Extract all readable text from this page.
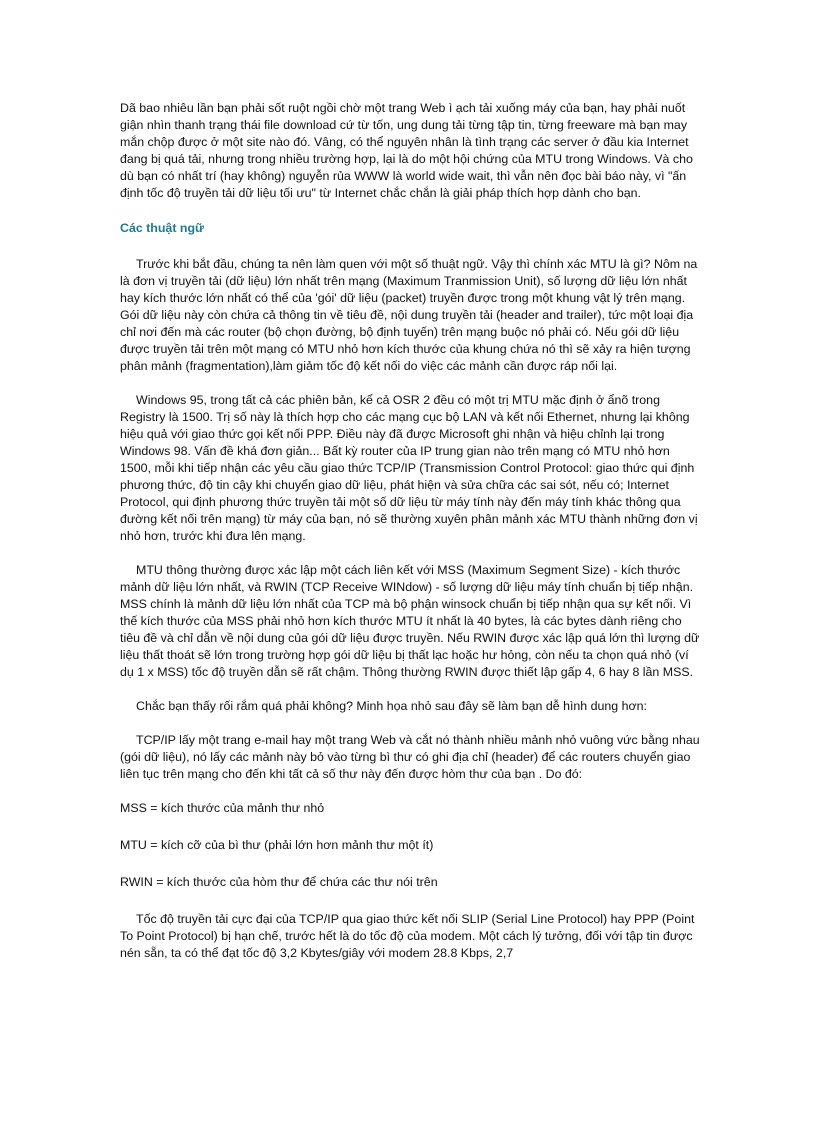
Dã bao nhiêu lần bạn phải sốt ruột ngồi chờ một trang Web ì ạch tải xuống máy của bạn, hay phải nuốt giận nhìn thanh trạng thái file download cứ từ tốn, ung dung tải từng tập tin, từng freeware mà bạn may mắn chộp được ở một site nào đó. Vâng, có thể nguyên nhân là tình trạng các server ở đầu kia Internet đang bị quá tải, nhưng trong nhiều trường hợp, lại là do một hội chứng của MTU trong Windows. Và cho dù bạn có nhất trí (hay không) nguyễn rủa WWW là world wide wait, thì vẫn nên đọc bài báo này, vì "ấn định tốc độ truyền tải dữ liệu tối ưu" từ Internet chắc chắn là giải pháp thích hợp dành cho bạn.

Các thuật ngữ

Trước khi bắt đầu, chúng ta nên làm quen với một số thuật ngữ. Vậy thì chính xác MTU là gì? Nôm na là đơn vị truyền tải (dữ liệu) lớn nhất trên mạng (Maximum Tranmission Unit), số lượng dữ liệu lớn nhất hay kích thước lớn nhất có thể của 'gói' dữ liệu (packet) truyền được trong một khung vật lý trên mạng. Gói dữ liệu này còn chứa cả thông tin về tiêu đề, nội dung truyền tải (header and trailer), tức một loại địa chỉ nơi đến mà các router (bộ chọn đường, bộ định tuyến) trên mạng buộc nó phải có. Nếu gói dữ liệu được truyền tải trên một mạng có MTU nhỏ hơn kích thước của khung chứa nó thì sẽ xảy ra hiện tượng phân mảnh (fragmentation),làm giảm tốc độ kết nối do việc các mảnh cần được ráp nối lại.

Windows 95, trong tất cả các phiên bản, kể cả OSR 2 đều có một trị MTU mặc định ở ẩnõ trong Registry là 1500. Trị số này là thích hợp cho các mạng cục bộ LAN và kết nối Ethernet, nhưng lại không hiệu quả với giao thức gọi kết nối PPP. Điều này đã được Microsoft ghi nhận và hiệu chỉnh lại trong Windows 98. Vấn đề khá đơn giản... Bất kỳ router của IP trung gian nào trên mạng có MTU nhỏ hơn 1500, mỗi khi tiếp nhận các yêu cầu giao thức TCP/IP (Transmission Control Protocol: giao thức qui định phương thức, độ tin cậy khi chuyển giao dữ liệu, phát hiện và sửa chữa các sai sót, nếu có; Internet Protocol, qui định phương thức truyền tải một số dữ liệu từ máy tính này đến máy tính khác thông qua đường kết nối trên mạng) từ máy của bạn, nó sẽ thường xuyên phân mảnh xác MTU thành những đơn vị nhỏ hơn, trước khi đưa lên mạng.

MTU thông thường được xác lập một cách liên kết với MSS (Maximum Segment Size) - kích thước mảnh dữ liệu lớn nhất, và RWIN (TCP Receive WINdow) - số lượng dữ liệu máy tính chuẩn bị tiếp nhận. MSS chính là mảnh dữ liệu lớn nhất của TCP mà bộ phận winsock chuẩn bị tiếp nhận qua sự kết nối. Vì thế kích thước của MSS phải nhỏ hơn kích thước MTU ít nhất là 40 bytes, là các bytes dành riêng cho tiêu đề và chỉ dẫn về nội dung của gói dữ liệu được truyền. Nếu RWIN được xác lập quá lớn thì lượng dữ liệu thất thoát sẽ lớn trong trường hợp gói dữ liệu bị thất lạc hoặc hư hỏng, còn nếu ta chọn quá nhỏ (ví dụ 1 x MSS) tốc độ truyền dẫn sẽ rất chậm. Thông thường RWIN được thiết lập gấp 4, 6 hay 8 lần MSS.

Chắc bạn thấy rối rắm quá phải không? Minh họa nhỏ sau đây sẽ làm bạn dễ hình dung hơn:

TCP/IP lấy một trang e-mail hay một trang Web và cắt nó thành nhiều mảnh nhỏ vuông vức bằng nhau (gói dữ liệu), nó lấy các mảnh này bỏ vào từng bì thư có ghi địa chỉ (header) để các routers chuyển giao liên tục trên mạng cho đến khi tất cả số thư này đến được hòm thư của bạn . Do đó:

MSS = kích thước của mảnh thư nhỏ

MTU = kích cỡ của bì thư (phải lớn hơn mảnh thư một ít)

RWIN = kích thước của hòm thư để chứa các thư nói trên

Tốc độ truyền tải cực đại của TCP/IP qua giao thức kết nối SLIP (Serial Line Protocol) hay PPP (Point To Point Protocol) bị hạn chế, trước hết là do tốc độ của modem. Một cách lý tưởng, đối với tập tin được nén sẵn, ta có thể đạt tốc độ 3,2 Kbytes/giây với modem 28.8 Kbps, 2,7
